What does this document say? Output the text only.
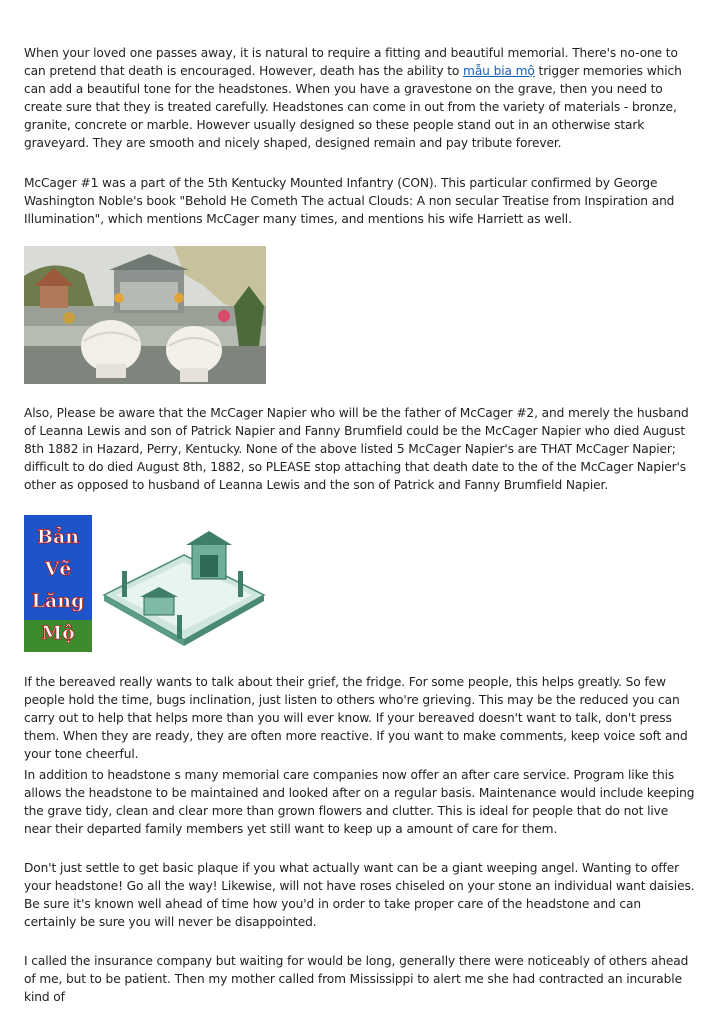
When your loved one passes away, it is natural to require a fitting and beautiful memorial. There's no-one to can pretend that death is encouraged. However, death has the ability to mẫu bia mộ trigger memories which can add a beautiful tone for the headstones. When you have a gravestone on the grave, then you need to create sure that they is treated carefully. Headstones can come in out from the variety of materials - bronze, granite, concrete or marble. However usually designed so these people stand out in an otherwise stark graveyard. They are smooth and nicely shaped, designed remain and pay tribute forever.

McCager #1 was a part of the 5th Kentucky Mounted Infantry (CON). This particular confirmed by George Washington Noble's book "Behold He Cometh The actual Clouds: A non secular Treatise from Inspiration and Illumination", which mentions McCager many times, and mentions his wife Harriett as well.

Also, Please be aware that the McCager Napier who will be the father of McCager #2, and merely the husband of Leanna Lewis and son of Patrick Napier and Fanny Brumfield could be the McCager Napier who died August 8th 1882 in Hazard, Perry, Kentucky. None of the above listed 5 McCager Napier's are THAT McCager Napier; difficult to do died August 8th, 1882, so PLEASE stop attaching that death date to the of the McCager Napier's other as opposed to husband of Leanna Lewis and the son of Patrick and Fanny Brumfield Napier.

Bản
Vẽ
Lăng
Mộ

If the bereaved really wants to talk about their grief, the fridge. For some people, this helps greatly. So few people hold the time, bugs inclination, just listen to others who're grieving. This may be the reduced you can carry out to help that helps more than you will ever know. If your bereaved doesn't want to talk, don't press them. When they are ready, they are often more reactive. If you want to make comments, keep voice soft and your tone cheerful.

In addition to headstone s many memorial care companies now offer an after care service. Program like this allows the headstone to be maintained and looked after on a regular basis. Maintenance would include keeping the grave tidy, clean and clear more than grown flowers and clutter. This is ideal for people that do not live near their departed family members yet still want to keep up a amount of care for them.

Don't just settle to get basic plaque if you what actually want can be a giant weeping angel. Wanting to offer your headstone! Go all the way! Likewise, will not have roses chiseled on your stone an individual want daisies. Be sure it's known well ahead of time how you'd in order to take proper care of the headstone and can certainly be sure you will never be disappointed.

I called the insurance company but waiting for would be long, generally there were noticeably of others ahead of me, but to be patient. Then my mother called from Mississippi to alert me she had contracted an incurable kind of
